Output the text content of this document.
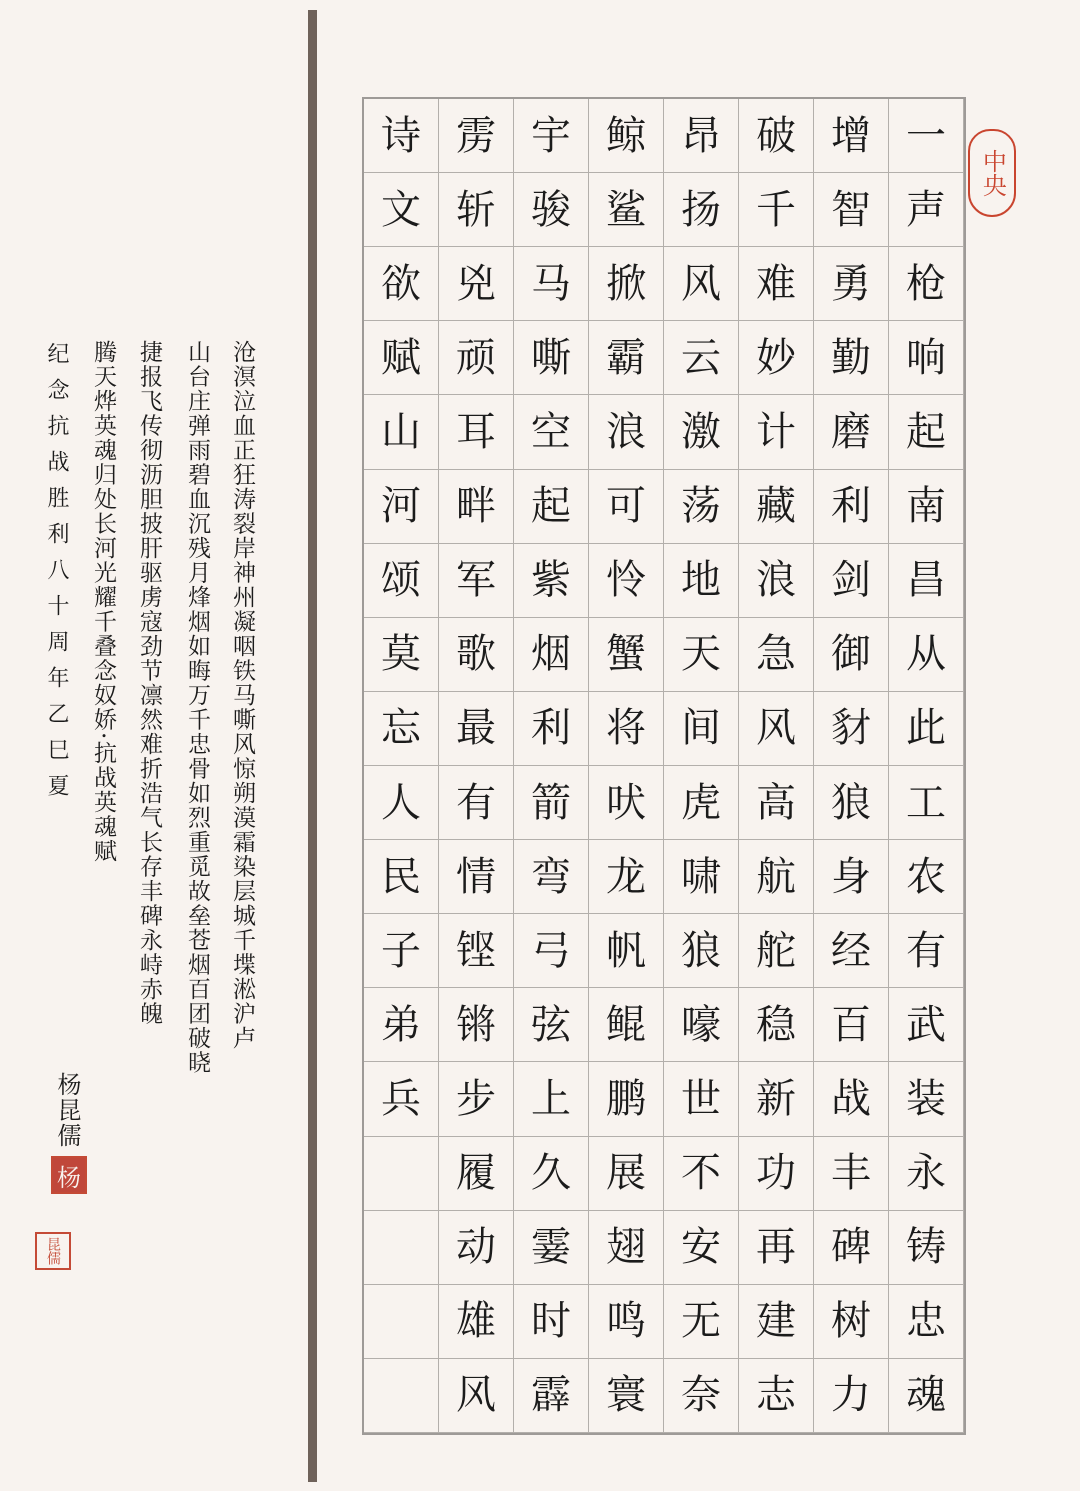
诗 雳 宇 鲸 昂 破 增 一
文 斩 骏 鲨 扬 千 智 声
欲 兇 马 掀 风 难 勇 枪
赋 顽 嘶 霸 云 妙 勤 响
山 耳 空 浪 激 计 磨 起
河 畔 起 可 荡 藏 利 南
颂 军 紫 怜 地 浪 剑 昌
莫 歌 烟 蟹 天 急 御 从
忘 最 利 将 间 风 豺 此
人 有 箭 吠 虎 高 狼 工
民 情 弯 龙 啸 航 身 农
子 铿 弓 帆 狼 舵 经 有
弟 锵 弦 鲲 嚎 稳 百 武
兵 步 上 鹏 世 新 战 装
履 久 展 不 功 丰 永
动 霎 翅 安 再 碑 铸
雄 时 鸣 无 建 树 忠
风 霹 寰 奈 志 力 魂
中央
沧溟泣血正狂涛裂岸神州凝咽铁马嘶风惊朔漠霜染层城千堞淞沪卢
山台庄弹雨碧血沉残月烽烟如晦万千忠骨如烈重觅故垒苍烟百团破晓
捷报飞传彻沥胆披肝驱虏寇劲节凛然难折浩气长存丰碑永峙赤魄
腾天烨英魂归处长河光耀千叠念奴娇·抗战英魂赋
纪念抗战胜利八十周年乙巳夏
杨昆儒
杨
昆儒
